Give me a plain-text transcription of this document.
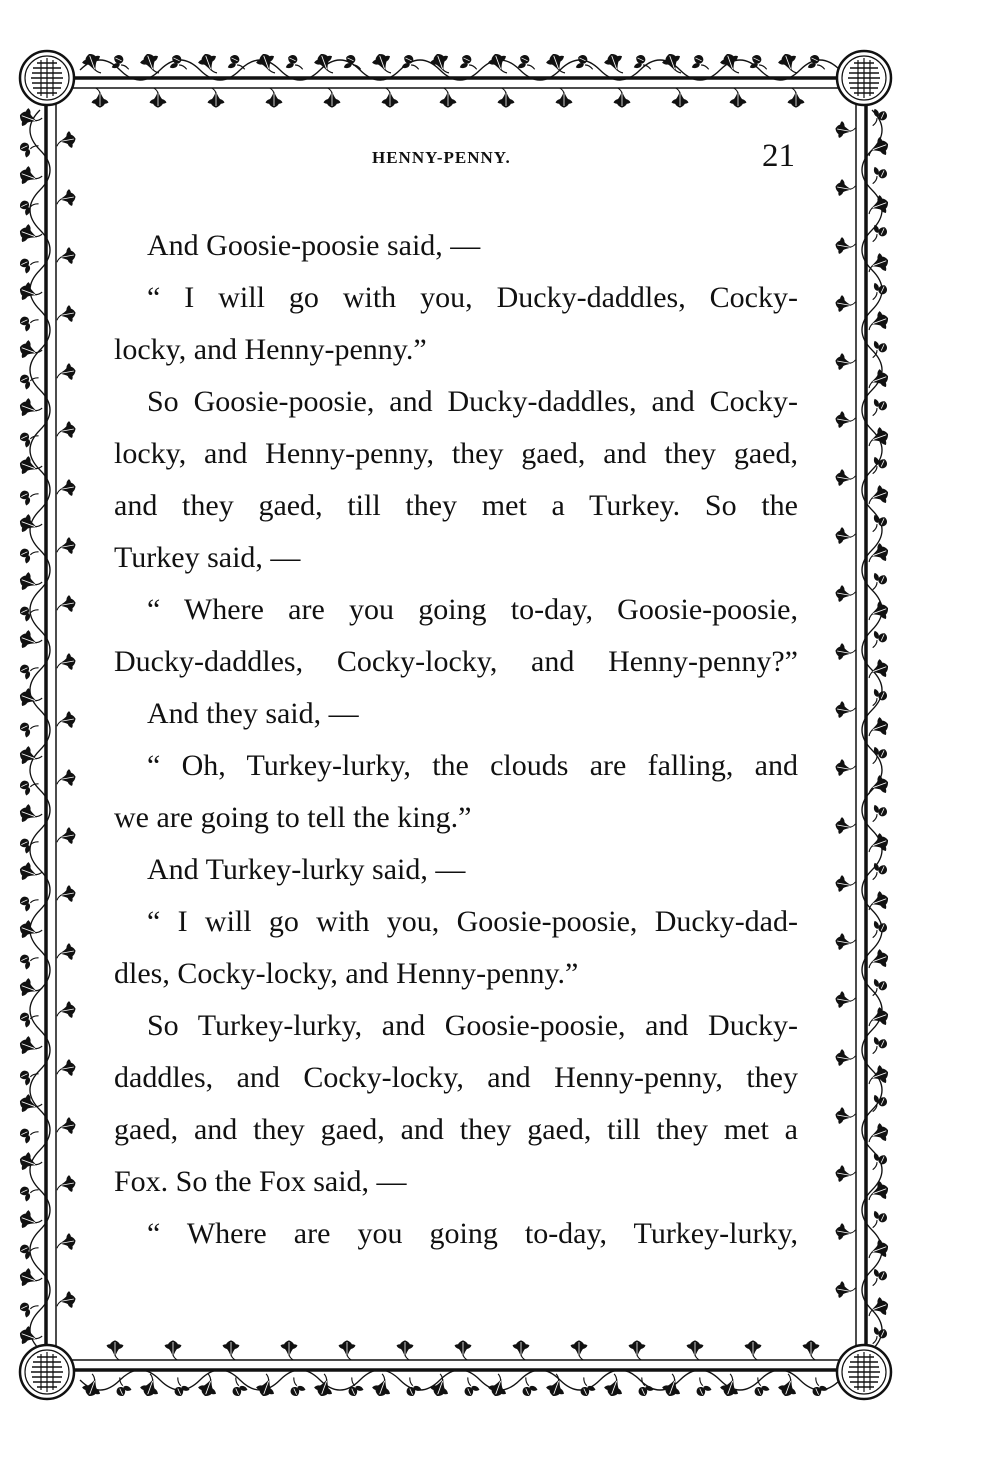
HENNY-PENNY.	21
And Goosie-poosie said, —
“ I will go with you, Ducky-daddles, Cocky-
locky, and Henny-penny.”
So Goosie-poosie, and Ducky-daddles, and Cocky-
locky, and Henny-penny, they gaed, and they gaed,
and they gaed, till they met a Turkey. So the
Turkey said, —
“ Where are you going to-day, Goosie-poosie,
Ducky-daddles, Cocky-locky, and Henny-penny?”
And they said, —
“ Oh, Turkey-lurky, the clouds are falling, and
we are going to tell the king.”
And Turkey-lurky said, —
“ I will go with you, Goosie-poosie, Ducky-dad-
dles, Cocky-locky, and Henny-penny.”
So Turkey-lurky, and Goosie-poosie, and Ducky-
daddles, and Cocky-locky, and Henny-penny, they
gaed, and they gaed, and they gaed, till they met a
Fox. So the Fox said, —
“ Where are you going to-day, Turkey-lurky,
